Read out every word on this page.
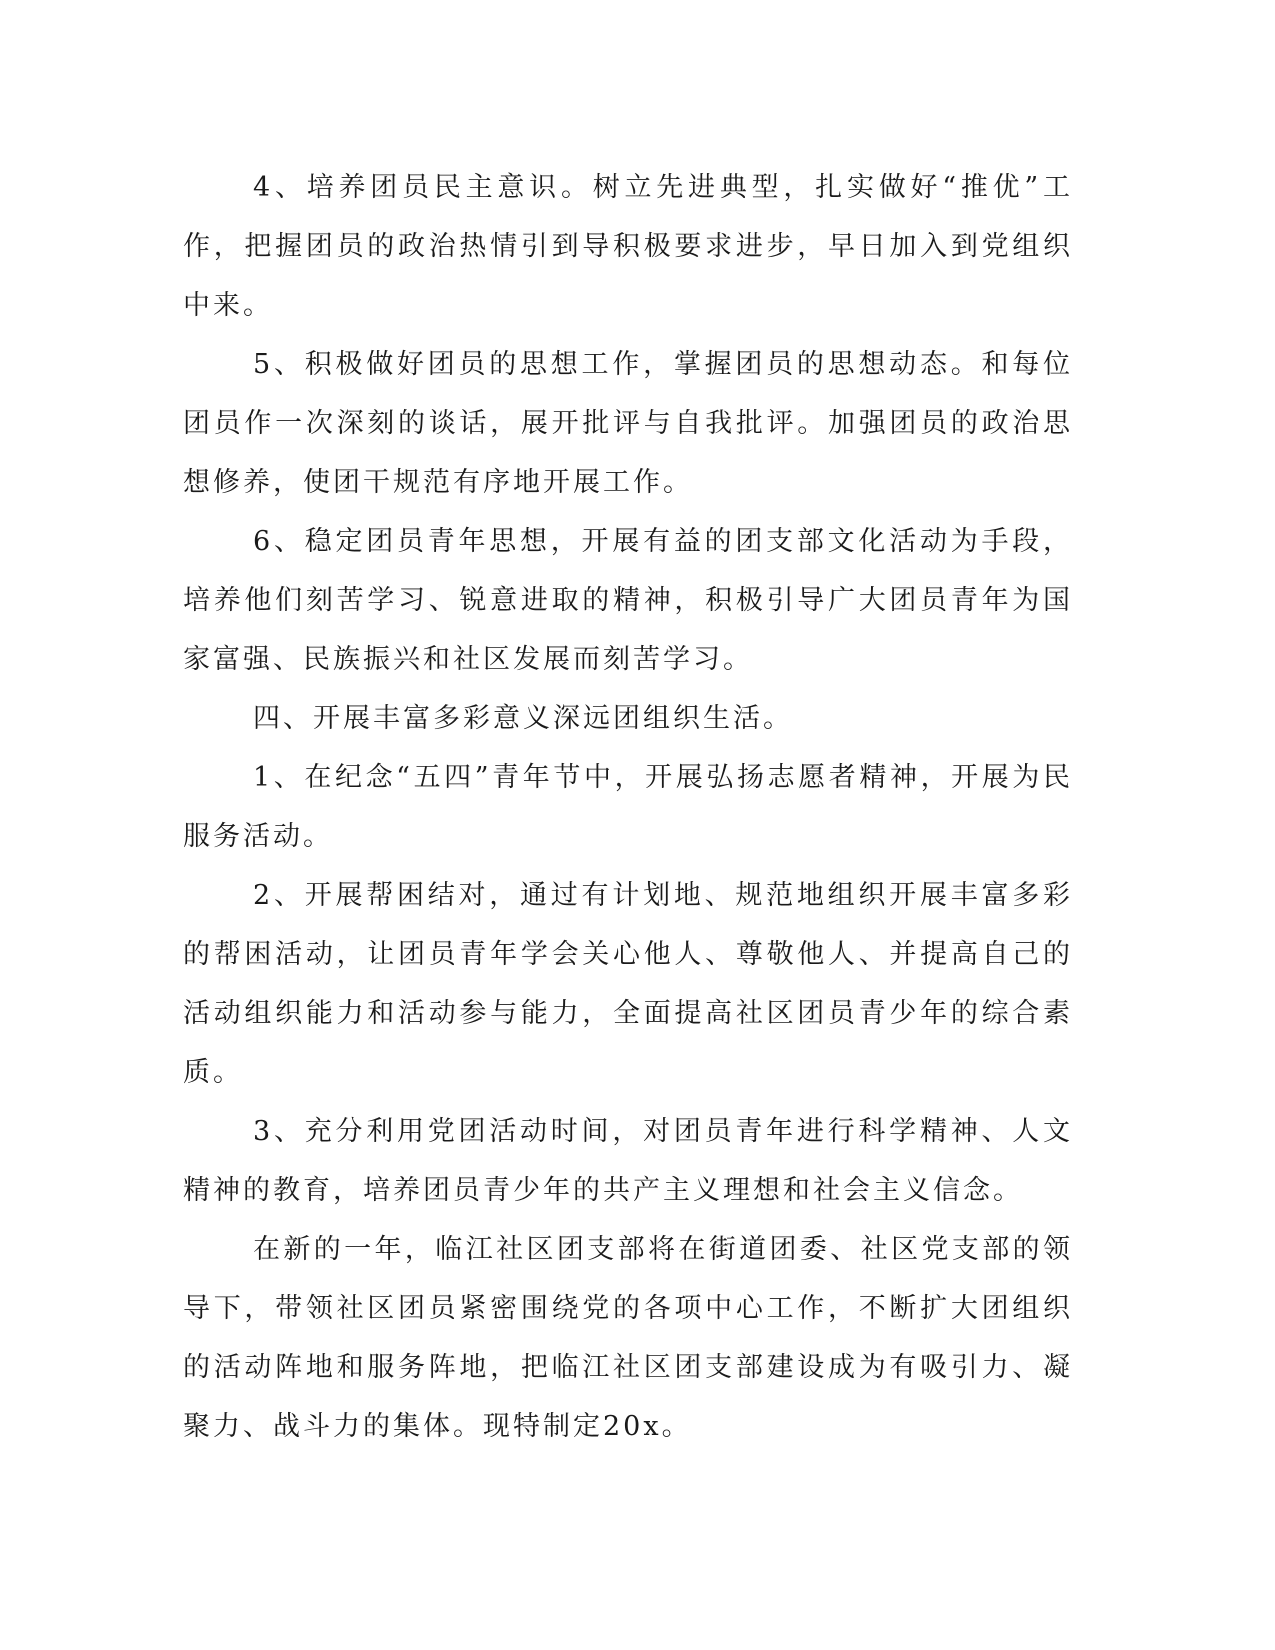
4、培养团员民主意识。树立先进典型，扎实做好“推优”工作，把握团员的政治热情引到导积极要求进步，早日加入到党组织中来。

5、积极做好团员的思想工作，掌握团员的思想动态。和每位团员作一次深刻的谈话，展开批评与自我批评。加强团员的政治思想修养，使团干规范有序地开展工作。

6、稳定团员青年思想，开展有益的团支部文化活动为手段，培养他们刻苦学习、锐意进取的精神，积极引导广大团员青年为国家富强、民族振兴和社区发展而刻苦学习。

四、开展丰富多彩意义深远团组织生活。

1、在纪念“五四”青年节中，开展弘扬志愿者精神，开展为民服务活动。

2、开展帮困结对，通过有计划地、规范地组织开展丰富多彩的帮困活动，让团员青年学会关心他人、尊敬他人、并提高自己的活动组织能力和活动参与能力，全面提高社区团员青少年的综合素质。

3、充分利用党团活动时间，对团员青年进行科学精神、人文精神的教育，培养团员青少年的共产主义理想和社会主义信念。

在新的一年，临江社区团支部将在街道团委、社区党支部的领导下，带领社区团员紧密围绕党的各项中心工作，不断扩大团组织的活动阵地和服务阵地，把临江社区团支部建设成为有吸引力、凝聚力、战斗力的集体。现特制定20x。
